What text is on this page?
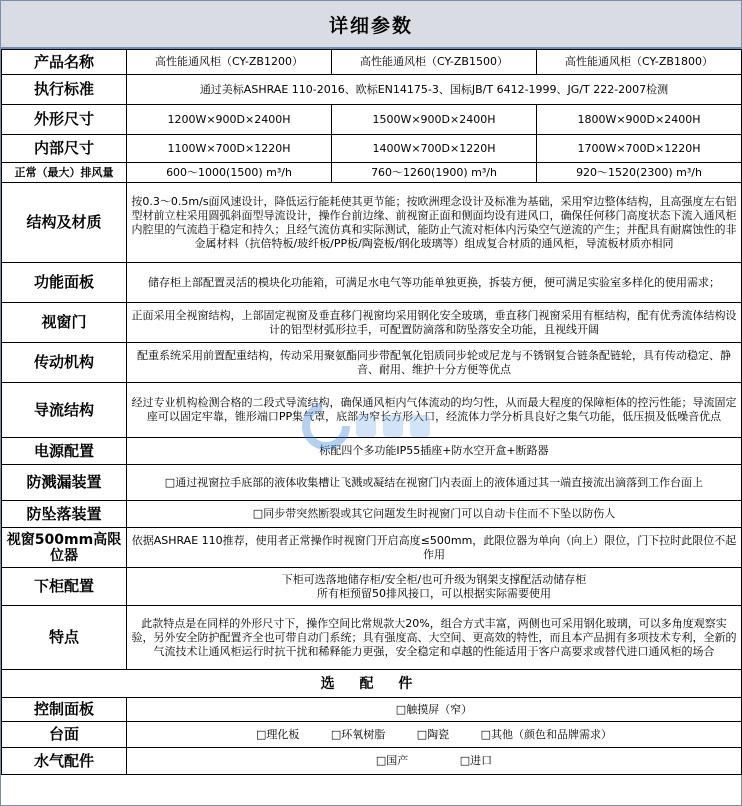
详细参数
产品名称	高性能通风柜（CY-ZB1200）	高性能通风柜（CY-ZB1500）	高性能通风柜（CY-ZB1800）
执行标准	通过美标ASHRAE 110-2016、欧标EN14175-3、国标JB/T 6412-1999、JG/T 222-2007检测		
外形尺寸	1200W×900D×2400H	1500W×900D×2400H	1800W×900D×2400H
内部尺寸	1100W×700D×1220H	1400W×700D×1220H	1700W×700D×1220H
正常（最大）排风量	600～1000(1500) m³/h	760～1260(1900) m³/h	920～1520(2300) m³/h
结构及材质	按0.3～0.5m/s面风速设计，降低运行能耗使其更节能；按欧洲理念设计及标准为基础，采用窄边整体结构，且高强度左右铝型材前立柱采用圆弧斜面型导流设计，操作台前边缘、前视窗正面和侧面均设有进风口，确保任何移门高度状态下流入通风柜内腔里的气流趋于稳定和持久；且经气流仿真和实际测试，能防止气流对柜体内污染空气逆流的产生；并配具有耐腐蚀性的非金属材料（抗倍特板/玻纤板/PP板/陶瓷板/钢化玻璃等）组成复合材质的通风柜，导流板材质亦相同		
功能面板	储存柜上部配置灵活的模块化功能箱，可满足水电气等功能单独更换，拆装方便，便可满足实验室多样化的使用需求；		
视窗门	正面采用全视窗结构，上部固定视窗及垂直移门视窗均采用钢化安全玻璃，垂直移门视窗采用有框结构，配有优秀流体结构设计的铝型材弧形拉手，可配置防滴落和防坠落安全功能，且视线开阔		
传动机构	配重系统采用前置配重结构，传动采用聚氨酯同步带配氧化铝质同步轮或尼龙与不锈钢复合链条配链轮，具有传动稳定、静音、耐用、维护十分方便等优点		
导流结构	经过专业机构检测合格的二段式导流结构，确保通风柜内气体流动的均匀性，从而最大程度的保障柜体的控污性能；导流固定座可以固定牢靠，锥形端口PP集气罩，底部为窄长方形入口，经流体力学分析具良好之集气功能，低压损及低噪音优点		
电源配置	标配四个多功能IP55插座+防水空开盒+断路器		
防溅漏装置	□通过视窗拉手底部的液体收集槽让飞溅或凝结在视窗门内表面上的液体通过其一端直接流出滴落到工作台面上		
防坠落装置	□同步带突然断裂或其它问题发生时视窗门可以自动卡住而不下坠以防伤人		
视窗500mm高限位器	依据ASHRAE 110推荐，使用者正常操作时视窗门开启高度≤500mm，此限位器为单向（向上）限位，门下拉时此限位不起作用		
下柜配置	下柜可选落地储存柜/安全柜/也可升级为钢架支撑配活动储存柜
所有柜预留50排风接口，可以根据实际需要使用		
特点	此款特点是在同样的外形尺寸下，操作空间比常规款大20%，组合方式丰富，两侧也可采用钢化玻璃，可以多角度观察实验，另外安全防护配置齐全也可带自动门系统；具有强度高、大空间、更高效的特性，而且本产品拥有多项技术专利，全新的气流技术让通风柜运行时抗干扰和稀释能力更强，安全稳定和卓越的性能适用于客户高要求或替代进口通风柜的场合		
选 配 件			
控制面板	□触摸屏（窄）		
台面	□理化板 □环氧树脂 □陶瓷 □其他（颜色和品牌需求）		
水气配件	□国产 □进口		
